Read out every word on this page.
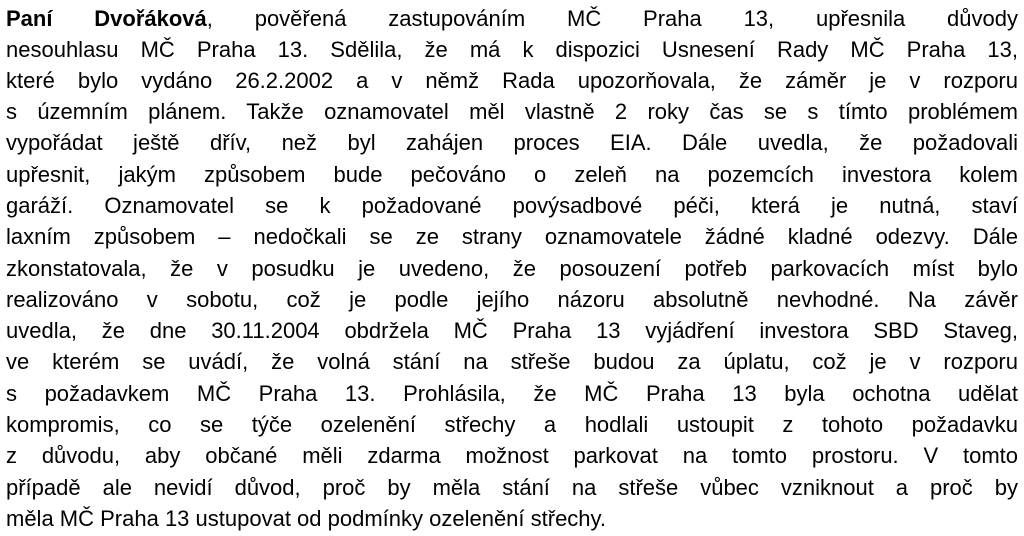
Paní Dvořáková, pověřená zastupováním MČ Praha 13, upřesnila důvody
nesouhlasu MČ Praha 13. Sdělila, že má k dispozici Usnesení Rady MČ Praha 13,
které bylo vydáno 26.2.2002 a v němž Rada upozorňovala, že záměr je v rozporu
s územním plánem. Takže oznamovatel měl vlastně 2 roky čas se s tímto problémem
vypořádat ještě dřív, než byl zahájen proces EIA. Dále uvedla, že požadovali
upřesnit, jakým způsobem bude pečováno o zeleň na pozemcích investora kolem
garáží. Oznamovatel se k požadované povýsadbové péči, která je nutná, staví
laxním způsobem – nedočkali se ze strany oznamovatele žádné kladné odezvy. Dále
zkonstatovala, že v posudku je uvedeno, že posouzení potřeb parkovacích míst bylo
realizováno v sobotu, což je podle jejího názoru absolutně nevhodné. Na závěr
uvedla, že dne 30.11.2004 obdržela MČ Praha 13 vyjádření investora SBD Staveg,
ve kterém se uvádí, že volná stání na střeše budou za úplatu, což je v rozporu
s požadavkem MČ Praha 13. Prohlásila, že MČ Praha 13 byla ochotna udělat
kompromis, co se týče ozelenění střechy a hodlali ustoupit z tohoto požadavku
z důvodu, aby občané měli zdarma možnost parkovat na tomto prostoru. V tomto
případě ale nevidí důvod, proč by měla stání na střeše vůbec vzniknout a proč by
měla MČ Praha 13 ustupovat od podmínky ozelenění střechy.
